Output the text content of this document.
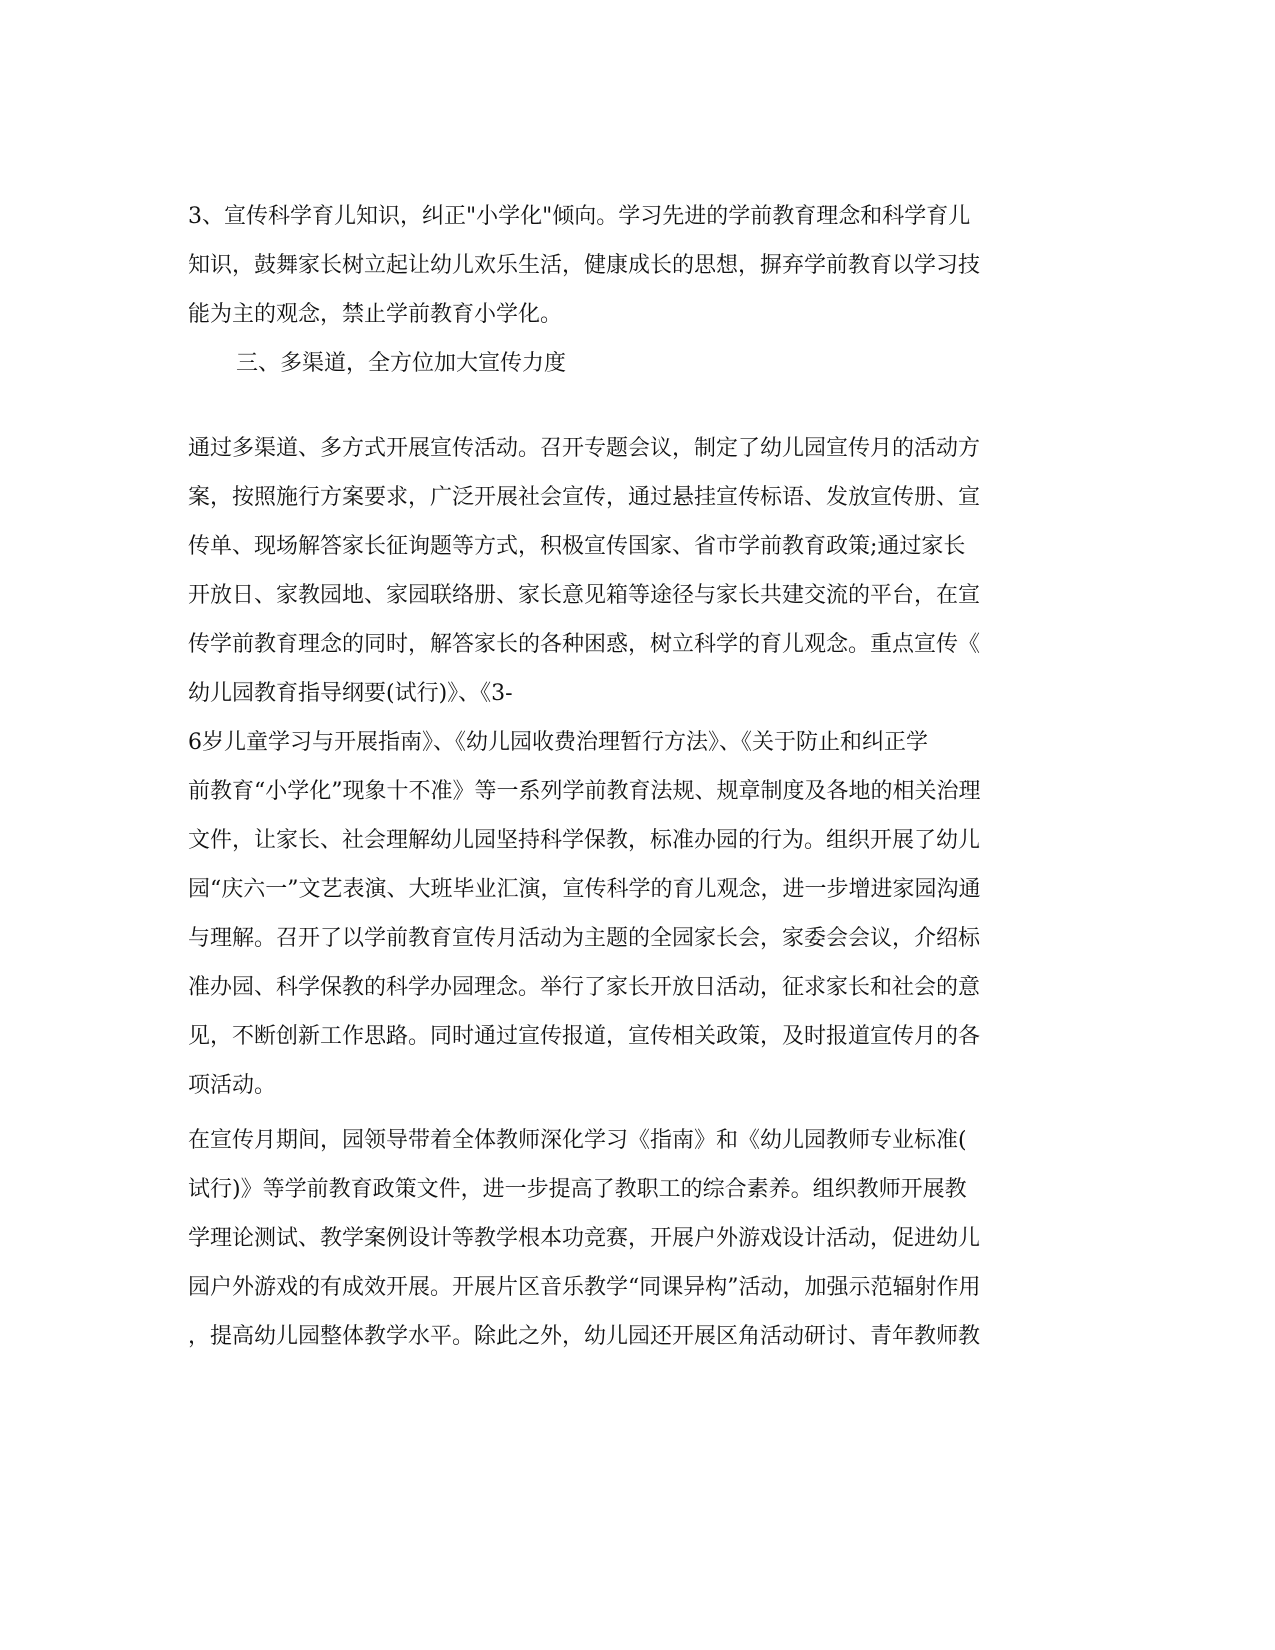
3、宣传科学育儿知识，纠正"小学化"倾向。学习先进的学前教育理念和科学育儿
知识，鼓舞家长树立起让幼儿欢乐生活，健康成长的思想，摒弃学前教育以学习技
能为主的观念，禁止学前教育小学化。
三、多渠道，全方位加大宣传力度
通过多渠道、多方式开展宣传活动。召开专题会议，制定了幼儿园宣传月的活动方
案，按照施行方案要求，广泛开展社会宣传，通过悬挂宣传标语、发放宣传册、宣
传单、现场解答家长征询题等方式，积极宣传国家、省市学前教育政策;通过家长
开放日、家教园地、家园联络册、家长意见箱等途径与家长共建交流的平台，在宣
传学前教育理念的同时，解答家长的各种困惑，树立科学的育儿观念。重点宣传《
幼儿园教育指导纲要(试行)》、《3-
6岁儿童学习与开展指南》、《幼儿园收费治理暂行方法》、《关于防止和纠正学
前教育“小学化”现象十不准》等一系列学前教育法规、规章制度及各地的相关治理
文件，让家长、社会理解幼儿园坚持科学保教，标准办园的行为。组织开展了幼儿
园“庆六一”文艺表演、大班毕业汇演，宣传科学的育儿观念，进一步增进家园沟通
与理解。召开了以学前教育宣传月活动为主题的全园家长会，家委会会议，介绍标
准办园、科学保教的科学办园理念。举行了家长开放日活动，征求家长和社会的意
见，不断创新工作思路。同时通过宣传报道，宣传相关政策，及时报道宣传月的各
项活动。
在宣传月期间，园领导带着全体教师深化学习《指南》和《幼儿园教师专业标准(
试行)》等学前教育政策文件，进一步提高了教职工的综合素养。组织教师开展教
学理论测试、教学案例设计等教学根本功竞赛，开展户外游戏设计活动，促进幼儿
园户外游戏的有成效开展。开展片区音乐教学“同课异构”活动，加强示范辐射作用
，提高幼儿园整体教学水平。除此之外，幼儿园还开展区角活动研讨、青年教师教
